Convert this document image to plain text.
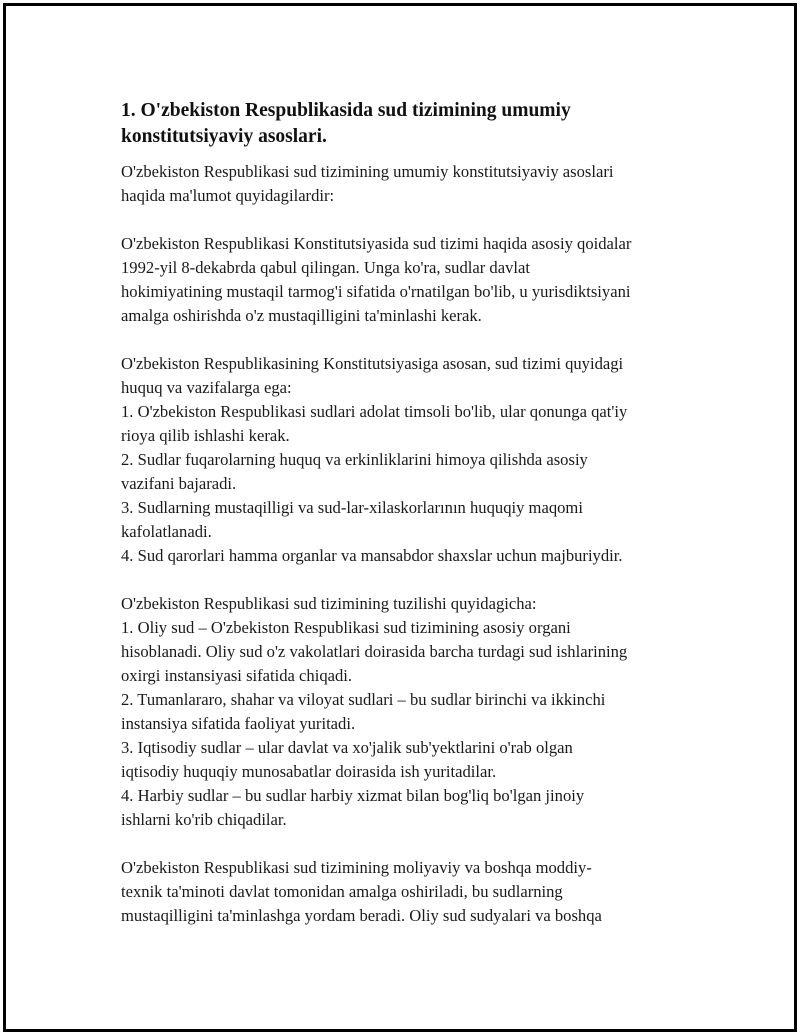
1. O'zbekiston Respublikasida sud tizimining umumiy
konstitutsiyaviy asoslari.
O'zbekiston Respublikasi sud tizimining umumiy konstitutsiyaviy asoslari
haqida ma'lumot quyidagilardir:
O'zbekiston Respublikasi Konstitutsiyasida sud tizimi haqida asosiy qoidalar
1992-yil 8-dekabrda qabul qilingan. Unga ko'ra, sudlar davlat
hokimiyatining mustaqil tarmog'i sifatida o'rnatilgan bo'lib, u yurisdiktsiyani
amalga oshirishda o'z mustaqilligini ta'minlashi kerak.
O'zbekiston Respublikasining Konstitutsiyasiga asosan, sud tizimi quyidagi
huquq va vazifalarga ega:
1. O'zbekiston Respublikasi sudlari adolat timsoli bo'lib, ular qonunga qat'iy
rioya qilib ishlashi kerak.
2. Sudlar fuqarolarning huquq va erkinliklarini himoya qilishda asosiy
vazifani bajaradi.
3. Sudlarning mustaqilligi va sud-lar-xilaskorlarının huquqiy maqomi
kafolatlanadi.
4. Sud qarorlari hamma organlar va mansabdor shaxslar uchun majburiydir.
O'zbekiston Respublikasi sud tizimining tuzilishi quyidagicha:
1. Oliy sud – O'zbekiston Respublikasi sud tizimining asosiy organi
hisoblanadi. Oliy sud o'z vakolatlari doirasida barcha turdagi sud ishlarining
oxirgi instansiyasi sifatida chiqadi.
2. Tumanlararo, shahar va viloyat sudlari – bu sudlar birinchi va ikkinchi
instansiya sifatida faoliyat yuritadi.
3. Iqtisodiy sudlar – ular davlat va xo'jalik sub'yektlarini o'rab olgan
iqtisodiy huquqiy munosabatlar doirasida ish yuritadilar.
4. Harbiy sudlar – bu sudlar harbiy xizmat bilan bog'liq bo'lgan jinoiy
ishlarni ko'rib chiqadilar.
O'zbekiston Respublikasi sud tizimining moliyaviy va boshqa moddiy-
texnik ta'minoti davlat tomonidan amalga oshiriladi, bu sudlarning
mustaqilligini ta'minlashga yordam beradi. Oliy sud sudyalari va boshqa
